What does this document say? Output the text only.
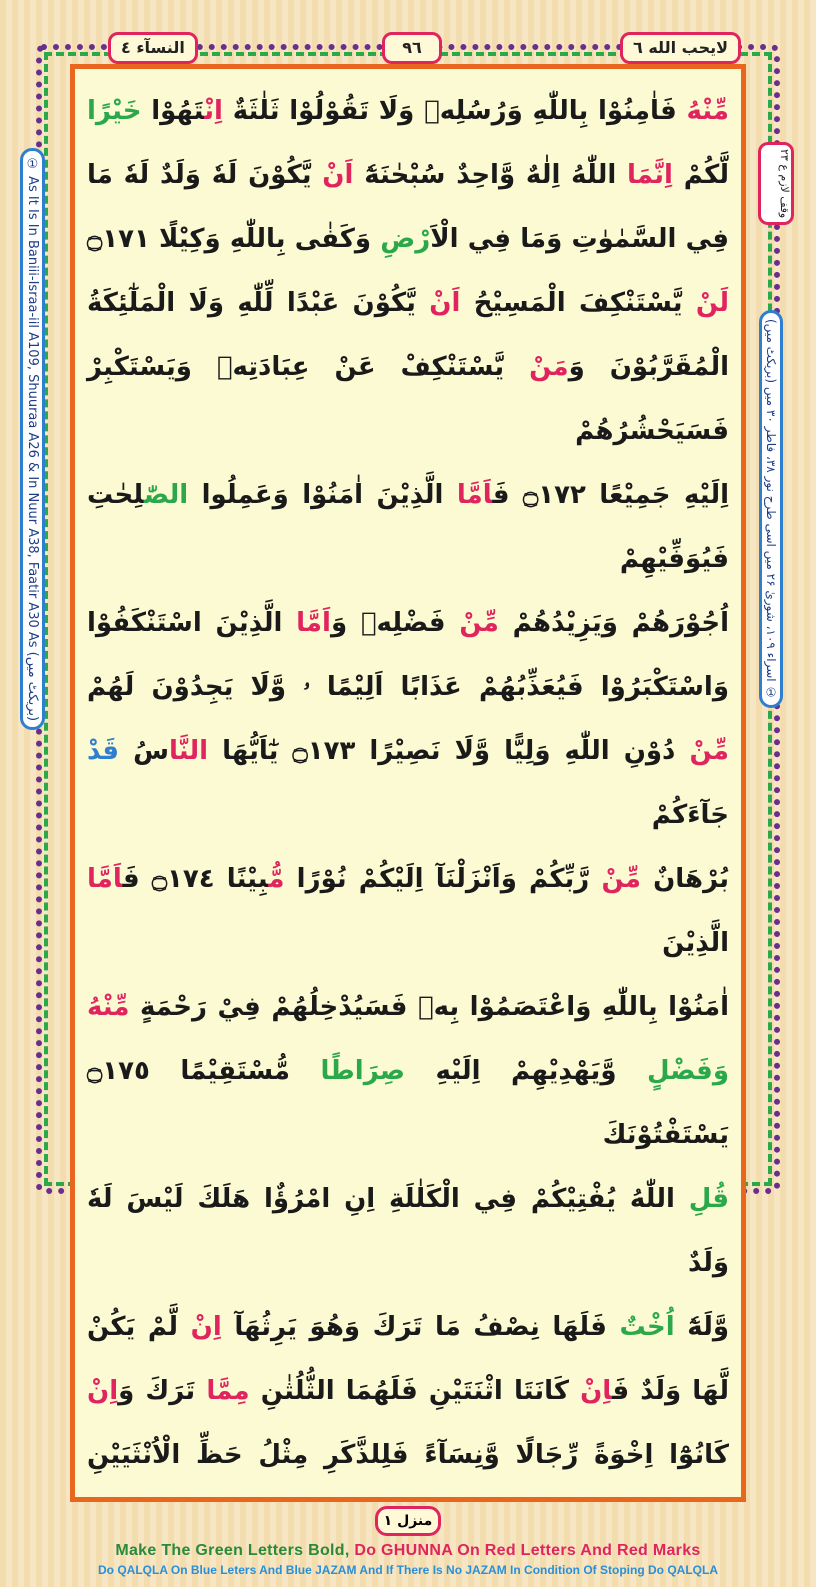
النسآء ٤	٩٦	لايحب الله ٦
① As It Is In Baniii-Israa-iil A109, Shuuraa A26 & In Nuur A38, Faatir A30 As (بریکٹ میں)
وقف لازم ع ٢٣
① اسراء ۱۰۹، شوریٰ ۲۶ میں اسی طرح نور ۳۸، فاطر ۳۰ میں (بریکٹ میں)
مِّنْهُ فَاٰمِنُوْا بِاللّٰهِ وَرُسُلِهٖ وَلَا تَقُوْلُوْا ثَلٰثَةٌ اِنْتَهُوْا خَيْرًا
لَّكُمْ اِنَّمَا اللّٰهُ اِلٰهٌ وَّاحِدٌ سُبْحٰنَهٗٓ اَنْ يَّكُوْنَ لَهٗ وَلَدٌ لَهٗ مَا
فِي السَّمٰوٰتِ وَمَا فِي الْاَرْضِ وَكَفٰى بِاللّٰهِ وَكِيْلًا ۝١٧١
لَنْ يَّسْتَنْكِفَ الْمَسِيْحُ اَنْ يَّكُوْنَ عَبْدًا لِّلّٰهِ وَلَا الْمَلٰٓئِكَةُ
الْمُقَرَّبُوْنَ وَمَنْ يَّسْتَنْكِفْ عَنْ عِبَادَتِهٖ وَيَسْتَكْبِرْ فَسَيَحْشُرُهُمْ
اِلَيْهِ جَمِيْعًا ۝١٧٢ فَاَمَّا الَّذِيْنَ اٰمَنُوْا وَعَمِلُوا الصّٰلِحٰتِ فَيُوَفِّيْهِمْ
اُجُوْرَهُمْ وَيَزِيْدُهُمْ مِّنْ فَضْلِهٖ وَاَمَّا الَّذِيْنَ اسْتَنْكَفُوْا
وَاسْتَكْبَرُوْا فَيُعَذِّبُهُمْ عَذَابًا اَلِيْمًا ۥ وَّلَا يَجِدُوْنَ لَهُمْ
مِّنْ دُوْنِ اللّٰهِ وَلِيًّا وَّلَا نَصِيْرًا ۝١٧٣ يٰٓاَيُّهَا النَّاسُ قَدْ جَآءَكُمْ
بُرْهَانٌ مِّنْ رَّبِّكُمْ وَاَنْزَلْنَآ اِلَيْكُمْ نُوْرًا مُّبِيْنًا ۝١٧٤ فَاَمَّا الَّذِيْنَ
اٰمَنُوْا بِاللّٰهِ وَاعْتَصَمُوْا بِهٖ فَسَيُدْخِلُهُمْ فِيْ رَحْمَةٍ مِّنْهُ
وَفَضْلٍ وَّيَهْدِيْهِمْ اِلَيْهِ صِرَاطًا مُّسْتَقِيْمًا ۝١٧٥ يَسْتَفْتُوْنَكَ
قُلِ اللّٰهُ يُفْتِيْكُمْ فِي الْكَلٰلَةِ اِنِ امْرُؤٌا هَلَكَ لَيْسَ لَهٗ وَلَدٌ
وَّلَهٗٓ اُخْتٌ فَلَهَا نِصْفُ مَا تَرَكَ وَهُوَ يَرِثُهَآ اِنْ لَّمْ يَكُنْ
لَّهَا وَلَدٌ فَاِنْ كَانَتَا اثْنَتَيْنِ فَلَهُمَا الثُّلُثٰنِ مِمَّا تَرَكَ وَاِنْ
كَانُوْٓا اِخْوَةً رِّجَالًا وَّنِسَآءً فَلِلذَّكَرِ مِثْلُ حَظِّ الْاُنْثَيَيْنِ
منزل ١
Make The Green Letters Bold, Do GHUNNA On Red Letters And Red Marks
Do QALQLA On Blue Leters And Blue JAZAM And If There Is No JAZAM In Condition Of Stoping Do QALQLA
